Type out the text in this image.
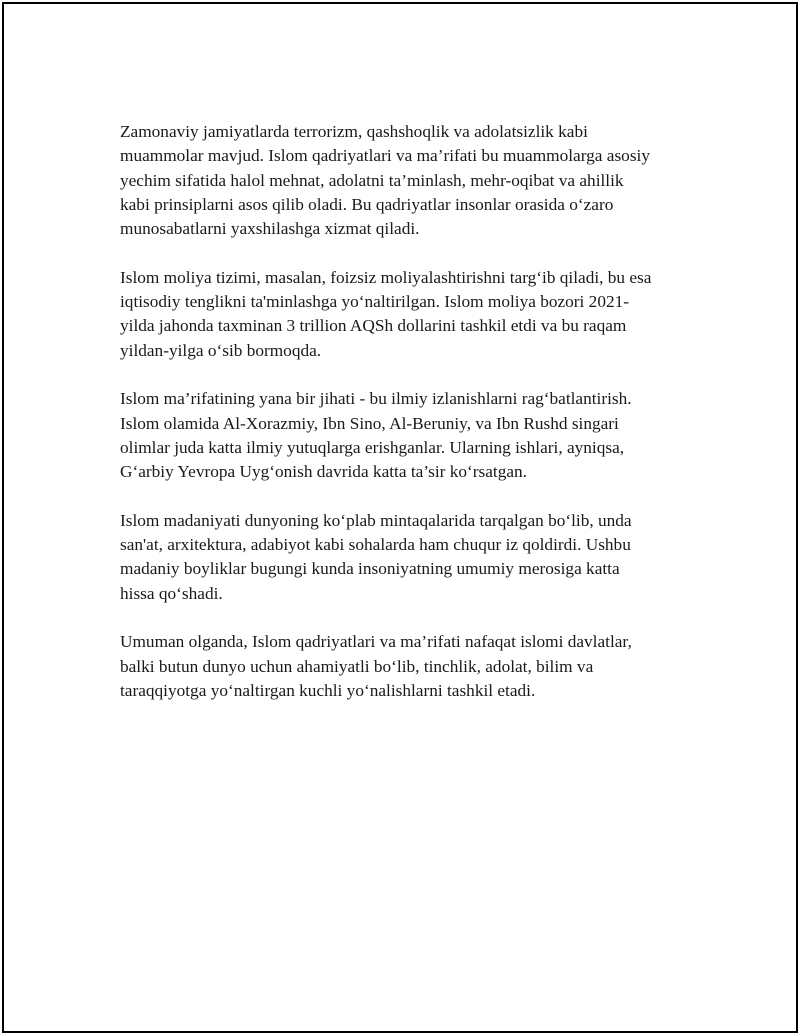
Zamonaviy jamiyatlarda terrorizm, qashshoqlik va adolatsizlik kabi
muammolar mavjud. Islom qadriyatlari va ma’rifati bu muammolarga asosiy
yechim sifatida halol mehnat, adolatni ta’minlash, mehr-oqibat va ahillik
kabi prinsiplarni asos qilib oladi. Bu qadriyatlar insonlar orasida o‘zaro
munosabatlarni yaxshilashga xizmat qiladi.

Islom moliya tizimi, masalan, foizsiz moliyalashtirishni targ‘ib qiladi, bu esa
iqtisodiy tenglikni ta'minlashga yo‘naltirilgan. Islom moliya bozori 2021-
yilda jahonda taxminan 3 trillion AQSh dollarini tashkil etdi va bu raqam
yildan-yilga o‘sib bormoqda.

Islom ma’rifatining yana bir jihati - bu ilmiy izlanishlarni rag‘batlantirish.
Islom olamida Al-Xorazmiy, Ibn Sino, Al-Beruniy, va Ibn Rushd singari
olimlar juda katta ilmiy yutuqlarga erishganlar. Ularning ishlari, ayniqsa,
G‘arbiy Yevropa Uyg‘onish davrida katta ta’sir ko‘rsatgan.

Islom madaniyati dunyoning ko‘plab mintaqalarida tarqalgan bo‘lib, unda
san'at, arxitektura, adabiyot kabi sohalarda ham chuqur iz qoldirdi. Ushbu
madaniy boyliklar bugungi kunda insoniyatning umumiy merosiga katta
hissa qo‘shadi.

Umuman olganda, Islom qadriyatlari va ma’rifati nafaqat islomi davlatlar,
balki butun dunyo uchun ahamiyatli bo‘lib, tinchlik, adolat, bilim va
taraqqiyotga yo‘naltirgan kuchli yo‘nalishlarni tashkil etadi.
